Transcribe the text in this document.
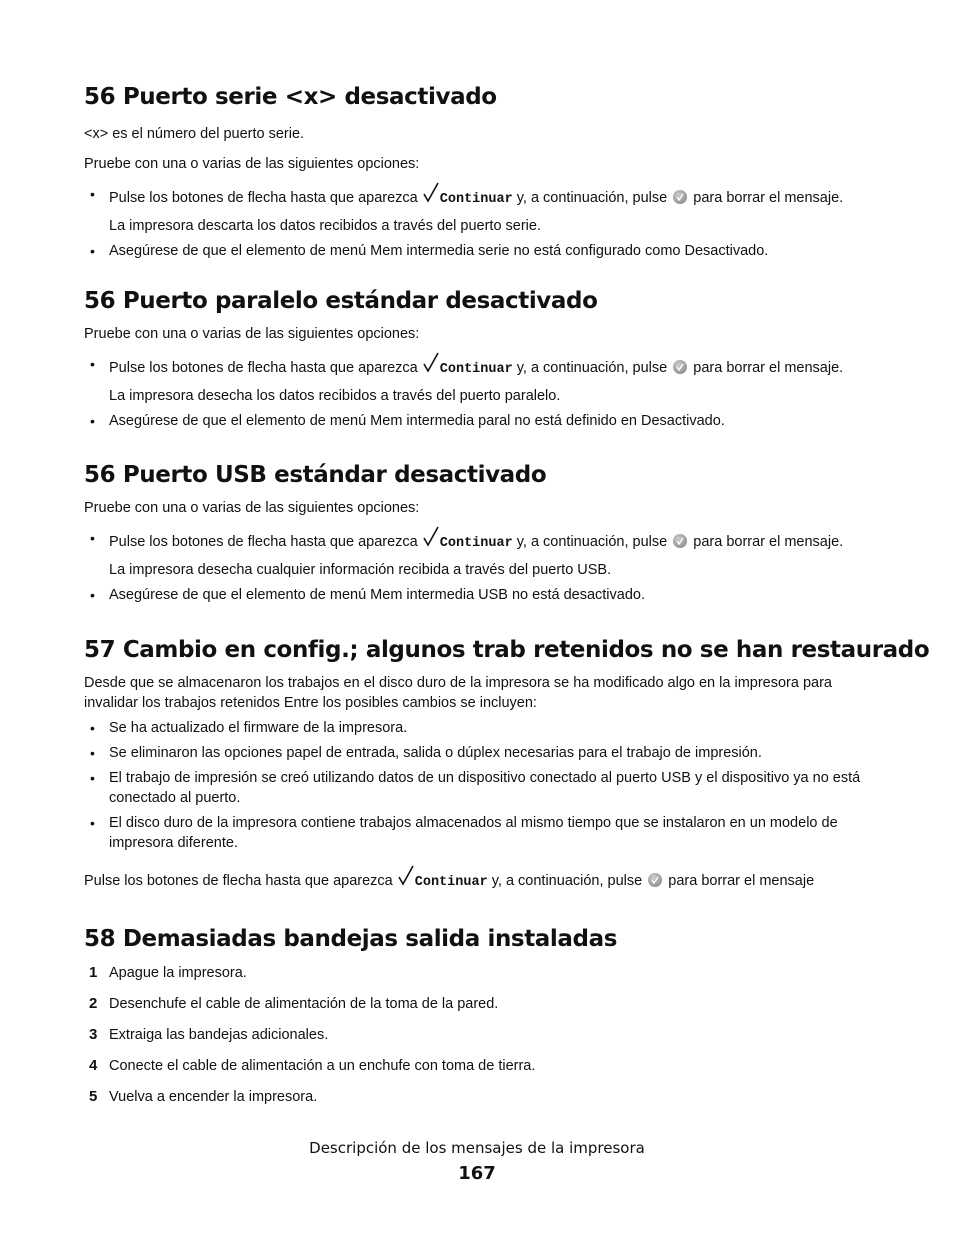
56 Puerto serie <x> desactivado

<x> es el número del puerto serie.

Pruebe con una o varias de las siguientes opciones:

• Pulse los botones de flecha hasta que aparezca Continuar y, a continuación, pulse para borrar el mensaje.
La impresora descarta los datos recibidos a través del puerto serie.
• Asegúrese de que el elemento de menú Mem intermedia serie no está configurado como Desactivado.
56 Puerto paralelo estándar desactivado

Pruebe con una o varias de las siguientes opciones:

• Pulse los botones de flecha hasta que aparezca Continuar y, a continuación, pulse para borrar el mensaje.
La impresora desecha los datos recibidos a través del puerto paralelo.
• Asegúrese de que el elemento de menú Mem intermedia paral no está definido en Desactivado.
56 Puerto USB estándar desactivado

Pruebe con una o varias de las siguientes opciones:

• Pulse los botones de flecha hasta que aparezca Continuar y, a continuación, pulse para borrar el mensaje.
La impresora desecha cualquier información recibida a través del puerto USB.
• Asegúrese de que el elemento de menú Mem intermedia USB no está desactivado.
57 Cambio en config.; algunos trab retenidos no se han restaurado

Desde que se almacenaron los trabajos en el disco duro de la impresora se ha modificado algo en la impresora para invalidar los trabajos retenidos Entre los posibles cambios se incluyen:

• Se ha actualizado el firmware de la impresora.
• Se eliminaron las opciones papel de entrada, salida o dúplex necesarias para el trabajo de impresión.
• El trabajo de impresión se creó utilizando datos de un dispositivo conectado al puerto USB y el dispositivo ya no está conectado al puerto.
• El disco duro de la impresora contiene trabajos almacenados al mismo tiempo que se instalaron en un modelo de impresora diferente.

Pulse los botones de flecha hasta que aparezca Continuar y, a continuación, pulse para borrar el mensaje

58 Demasiadas bandejas salida instaladas
1 Apague la impresora.
2 Desenchufe el cable de alimentación de la toma de la pared.
3 Extraiga las bandejas adicionales.
4 Conecte el cable de alimentación a un enchufe con toma de tierra.
5 Vuelva a encender la impresora.
Descripción de los mensajes de la impresora
167
